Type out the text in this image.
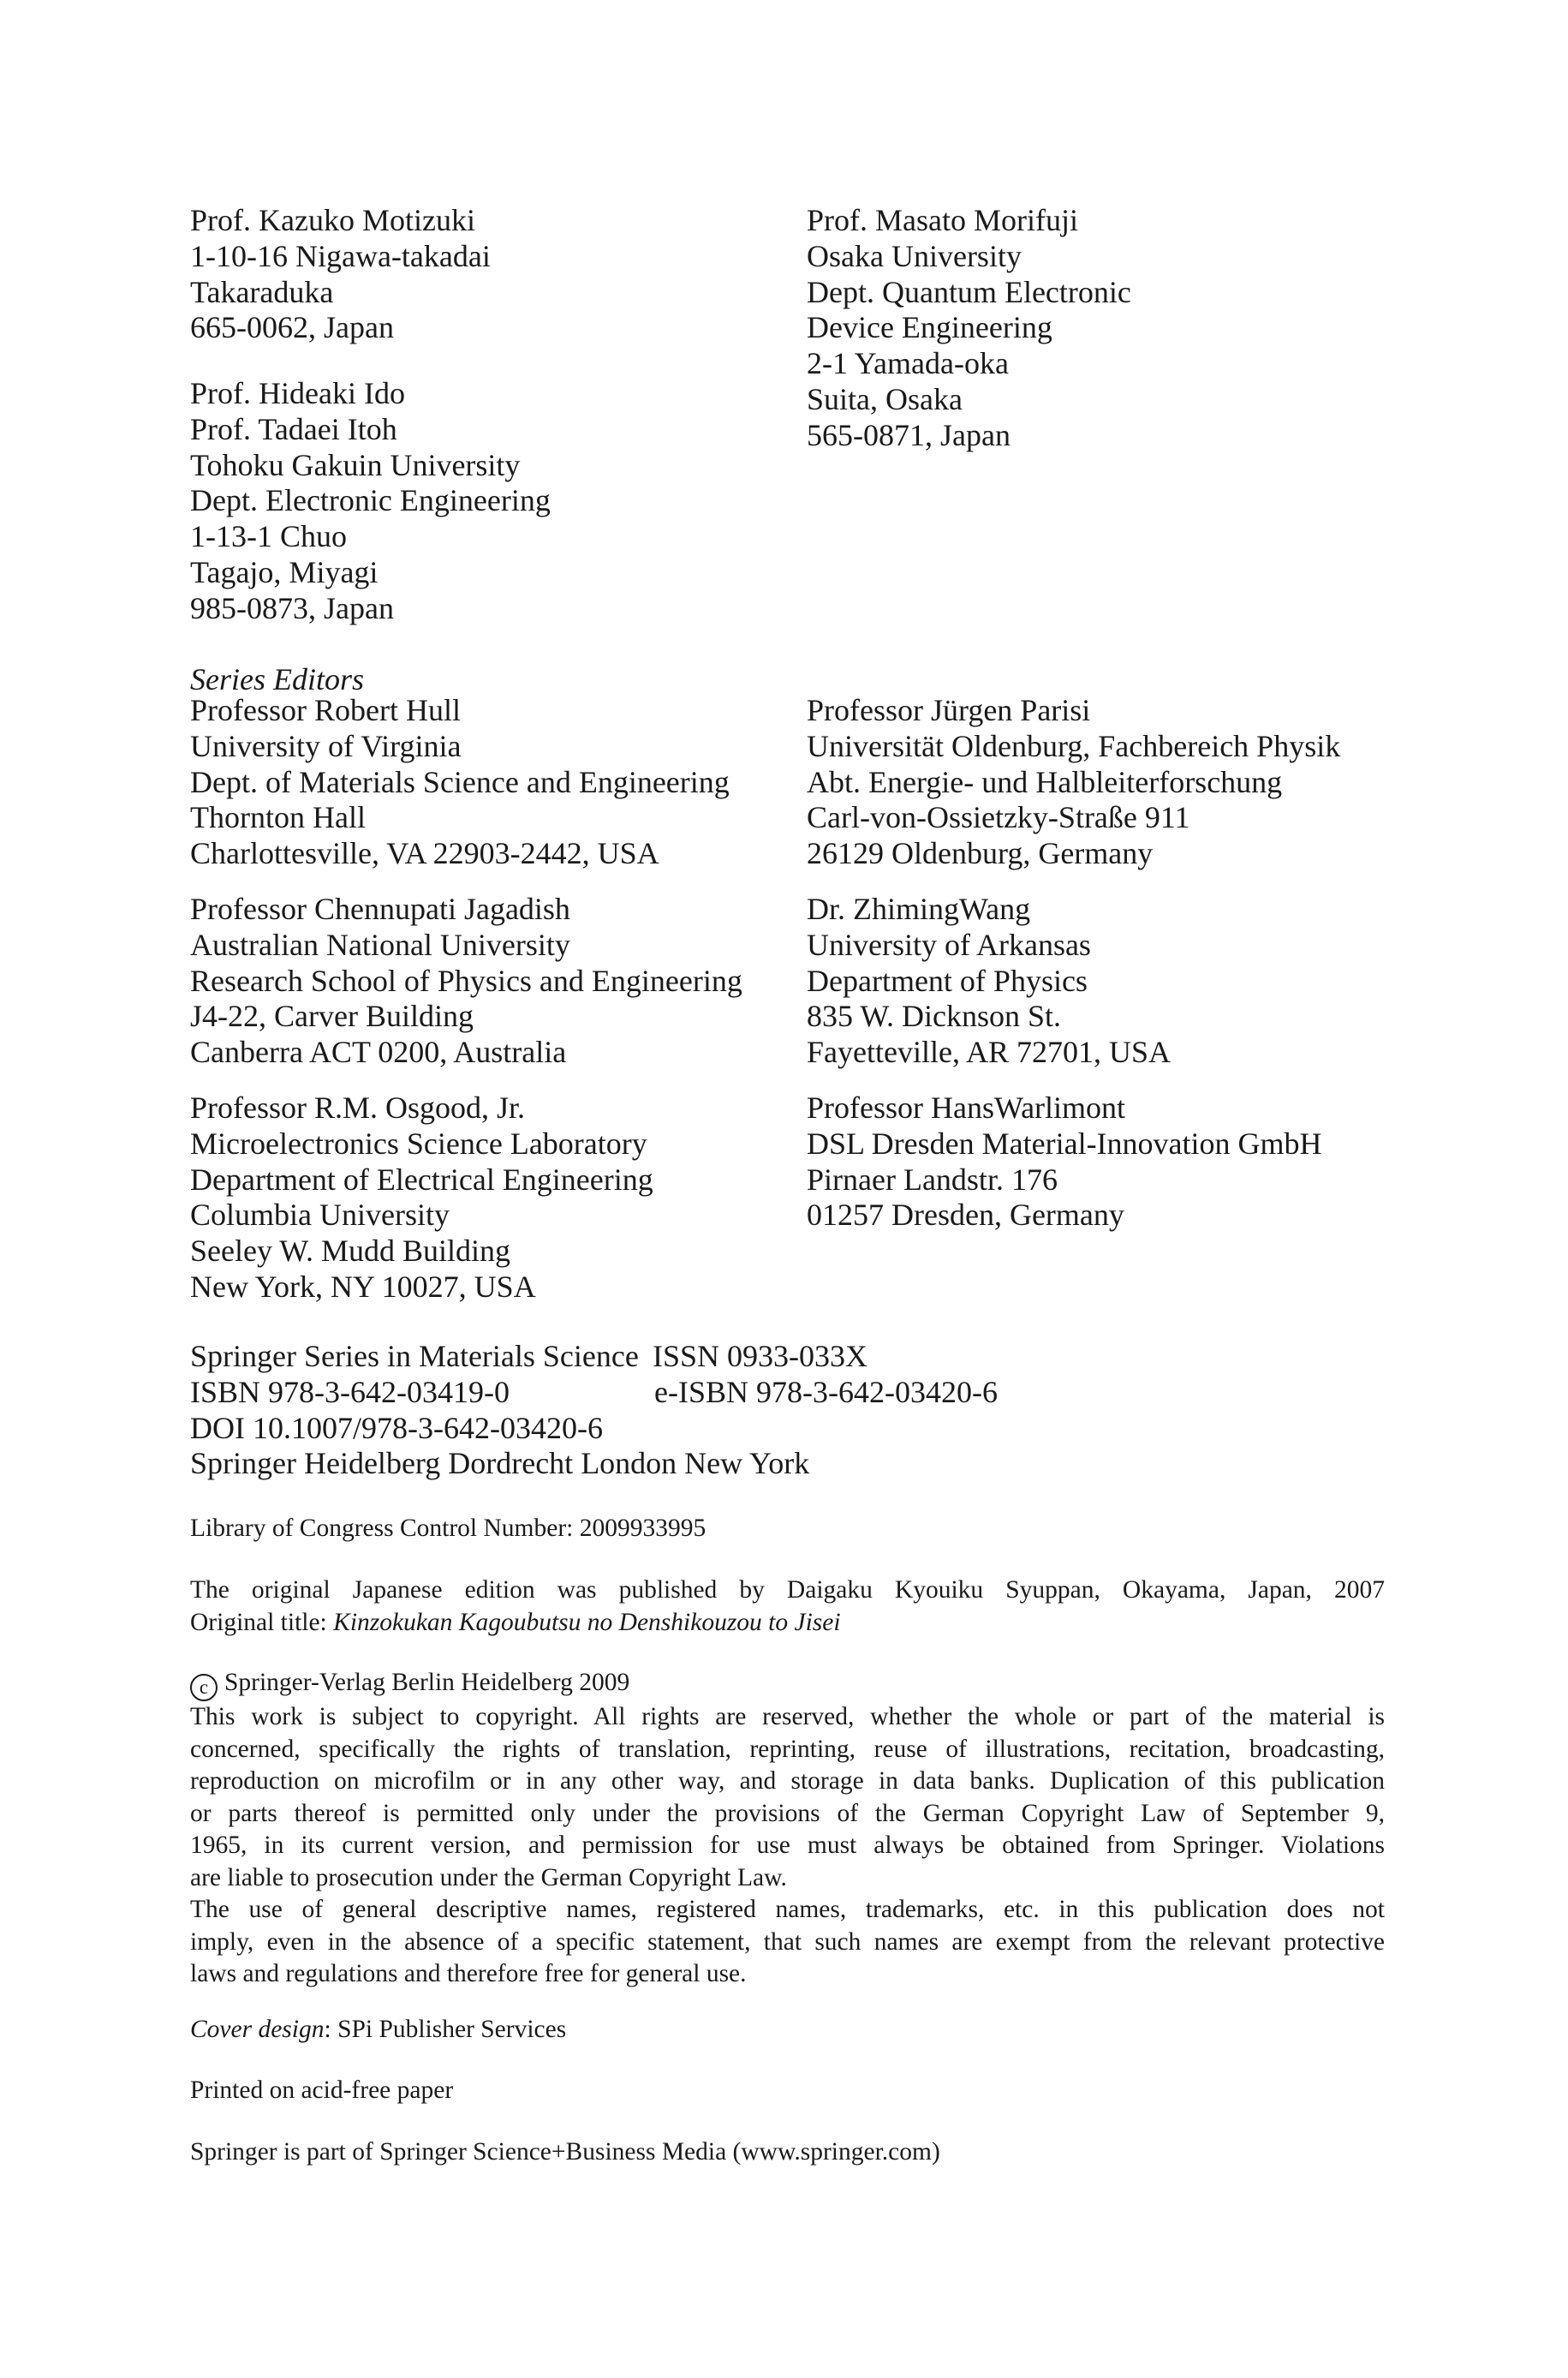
Prof. Kazuko Motizuki
1-10-16 Nigawa-takadai
Takaraduka
665-0062, Japan
Prof. Hideaki Ido
Prof. Tadaei Itoh
Tohoku Gakuin University
Dept. Electronic Engineering
1-13-1 Chuo
Tagajo, Miyagi
985-0873, Japan
Prof. Masato Morifuji
Osaka University
Dept. Quantum Electronic
Device Engineering
2-1 Yamada-oka
Suita, Osaka
565-0871, Japan
Series Editors
Professor Robert Hull
University of Virginia
Dept. of Materials Science and Engineering
Thornton Hall
Charlottesville, VA 22903-2442, USA
Professor Chennupati Jagadish
Australian National University
Research School of Physics and Engineering
J4-22, Carver Building
Canberra ACT 0200, Australia
Professor R.M. Osgood, Jr.
Microelectronics Science Laboratory
Department of Electrical Engineering
Columbia University
Seeley W. Mudd Building
New York, NY 10027, USA
Professor Jürgen Parisi
Universität Oldenburg, Fachbereich Physik
Abt. Energie- und Halbleiterforschung
Carl-von-Ossietzky-Straße 911
26129 Oldenburg, Germany
Dr. ZhimingWang
University of Arkansas
Department of Physics
835 W. Dicknson St.
Fayetteville, AR 72701, USA
Professor HansWarlimont
DSL Dresden Material-Innovation GmbH
Pirnaer Landstr. 176
01257 Dresden, Germany
Springer Series in Materials Science ISSN 0933-033X
ISBN 978-3-642-03419-0	e-ISBN 978-3-642-03420-6
DOI 10.1007/978-3-642-03420-6
Springer Heidelberg Dordrecht London New York
Library of Congress Control Number: 2009933995
The original Japanese edition was published by Daigaku Kyouiku Syuppan, Okayama, Japan, 2007
Original title: Kinzokukan Kagoubutsu no Denshikouzou to Jisei
c Springer-Verlag Berlin Heidelberg 2009
This work is subject to copyright. All rights are reserved, whether the whole or part of the material is
concerned, specifically the rights of translation, reprinting, reuse of illustrations, recitation, broadcasting,
reproduction on microfilm or in any other way, and storage in data banks. Duplication of this publication
or parts thereof is permitted only under the provisions of the German Copyright Law of September 9,
1965, in its current version, and permission for use must always be obtained from Springer. Violations
are liable to prosecution under the German Copyright Law.
The use of general descriptive names, registered names, trademarks, etc. in this publication does not
imply, even in the absence of a specific statement, that such names are exempt from the relevant protective
laws and regulations and therefore free for general use.
Cover design: SPi Publisher Services
Printed on acid-free paper
Springer is part of Springer Science+Business Media (www.springer.com)
